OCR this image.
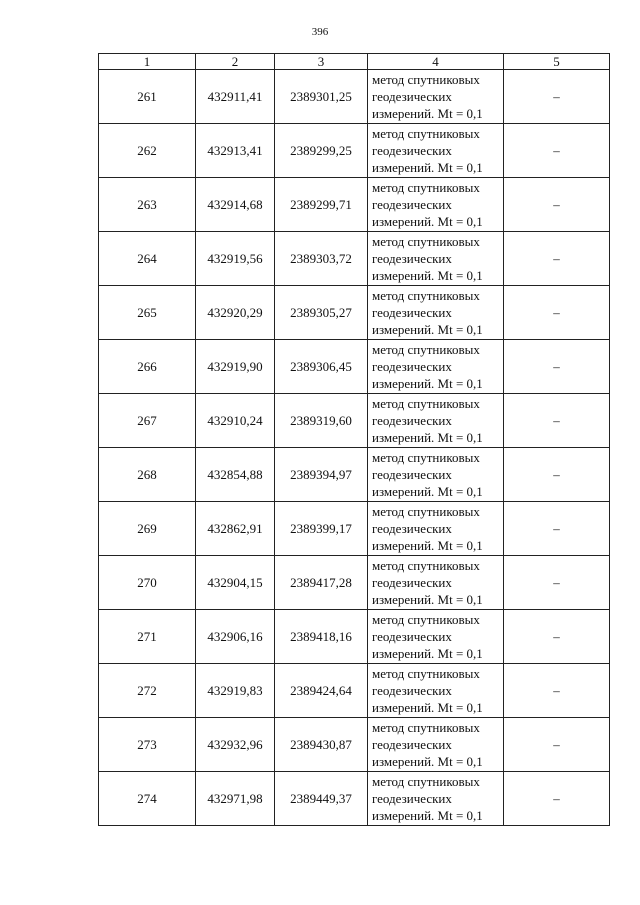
396
1	2	3	4	5
261	432911,41	2389301,25	метод спутниковых
геодезических
измерений. Mt = 0,1	–
262	432913,41	2389299,25	метод спутниковых
геодезических
измерений. Mt = 0,1	–
263	432914,68	2389299,71	метод спутниковых
геодезических
измерений. Mt = 0,1	–
264	432919,56	2389303,72	метод спутниковых
геодезических
измерений. Mt = 0,1	–
265	432920,29	2389305,27	метод спутниковых
геодезических
измерений. Mt = 0,1	–
266	432919,90	2389306,45	метод спутниковых
геодезических
измерений. Mt = 0,1	–
267	432910,24	2389319,60	метод спутниковых
геодезических
измерений. Mt = 0,1	–
268	432854,88	2389394,97	метод спутниковых
геодезических
измерений. Mt = 0,1	–
269	432862,91	2389399,17	метод спутниковых
геодезических
измерений. Mt = 0,1	–
270	432904,15	2389417,28	метод спутниковых
геодезических
измерений. Mt = 0,1	–
271	432906,16	2389418,16	метод спутниковых
геодезических
измерений. Mt = 0,1	–
272	432919,83	2389424,64	метод спутниковых
геодезических
измерений. Mt = 0,1	–
273	432932,96	2389430,87	метод спутниковых
геодезических
измерений. Mt = 0,1	–
274	432971,98	2389449,37	метод спутниковых
геодезических
измерений. Mt = 0,1	–
